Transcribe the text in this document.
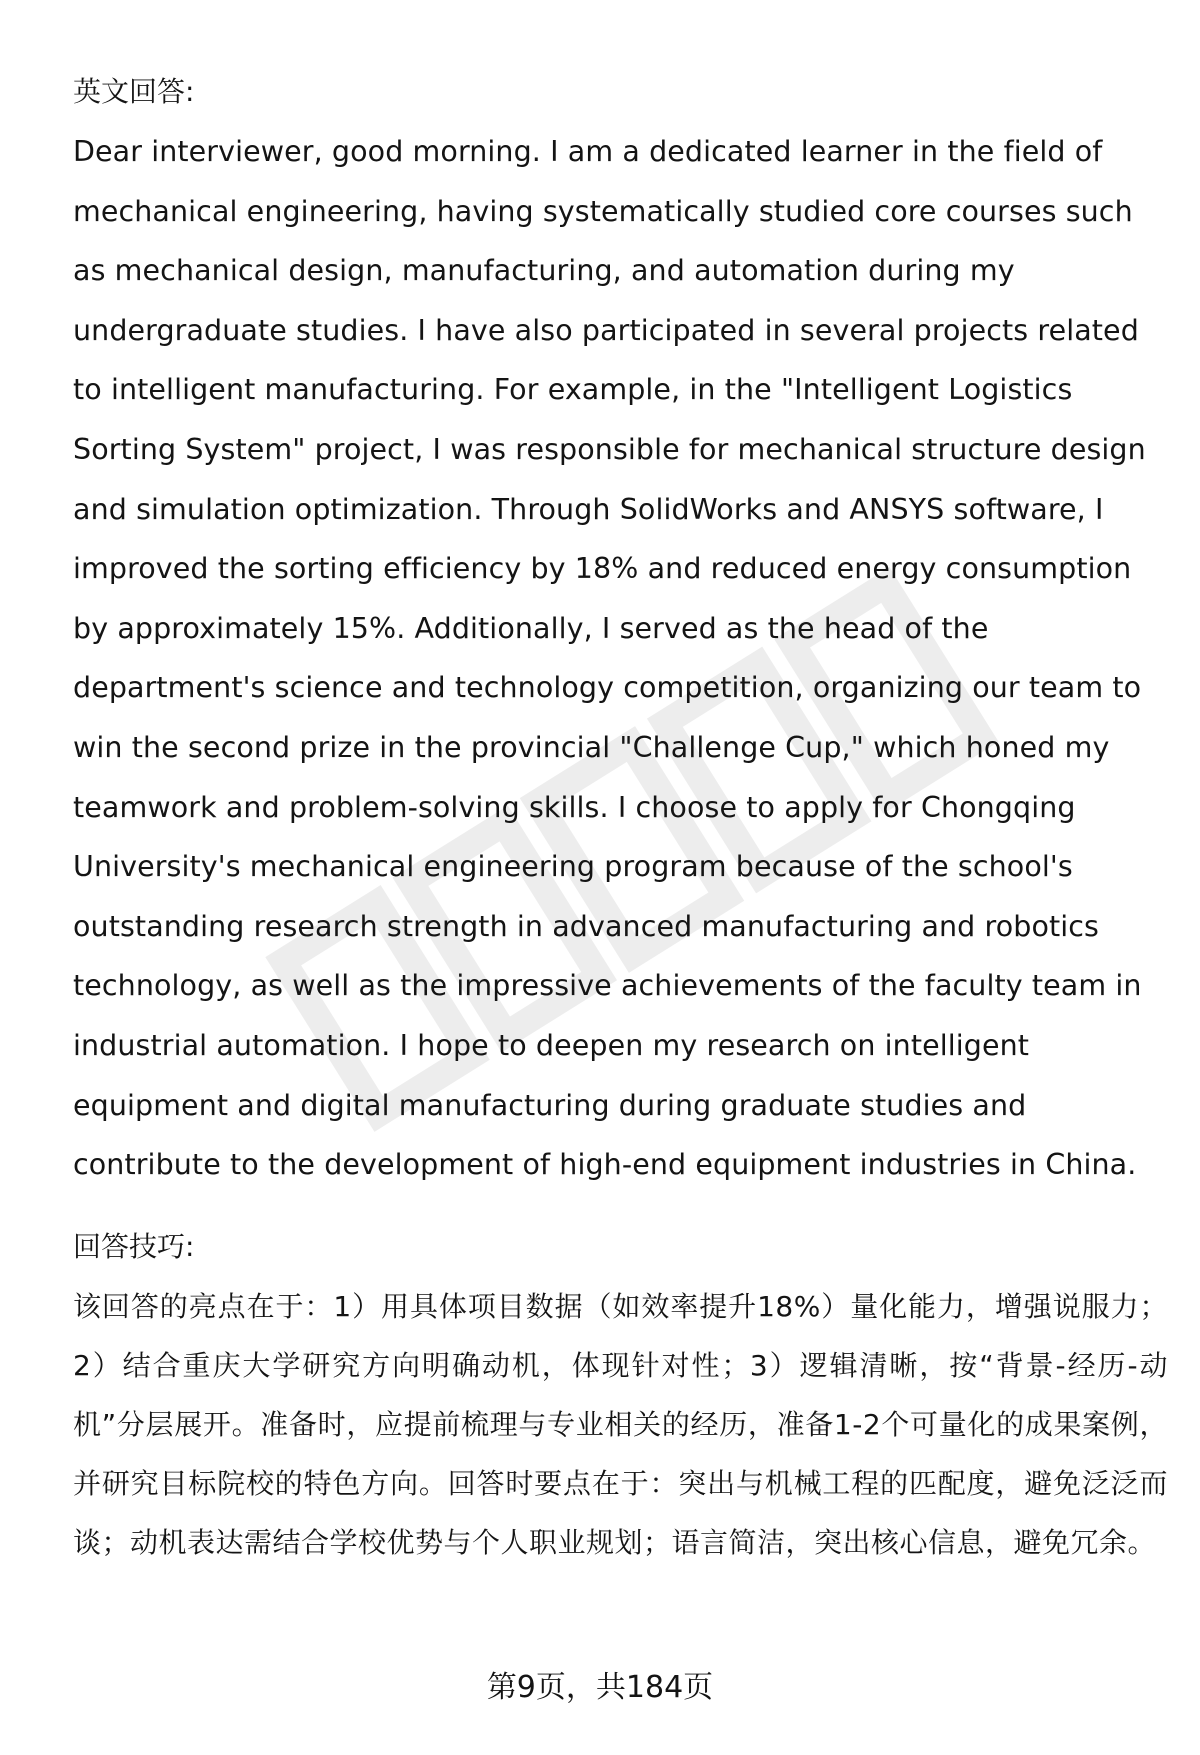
英文回答:

Dear interviewer, good morning. I am a dedicated learner in the field of mechanical engineering, having systematically studied core courses such as mechanical design, manufacturing, and automation during my undergraduate studies. I have also participated in several projects related to intelligent manufacturing. For example, in the "Intelligent Logistics Sorting System" project, I was responsible for mechanical structure design and simulation optimization. Through SolidWorks and ANSYS software, I improved the sorting efficiency by 18% and reduced energy consumption by approximately 15%. Additionally, I served as the head of the department's science and technology competition, organizing our team to win the second prize in the provincial "Challenge Cup," which honed my teamwork and problem-solving skills. I choose to apply for Chongqing University's mechanical engineering program because of the school's outstanding research strength in advanced manufacturing and robotics technology, as well as the impressive achievements of the faculty team in industrial automation. I hope to deepen my research on intelligent equipment and digital manufacturing during graduate studies and contribute to the development of high-end equipment industries in China.

回答技巧:

该回答的亮点在于：1）用具体项目数据（如效率提升18%）量化能力，增强说服力；2）结合重庆大学研究方向明确动机，体现针对性；3）逻辑清晰，按“背景-经历-动机”分层展开。准备时，应提前梳理与专业相关的经历，准备1-2个可量化的成果案例，并研究目标院校的特色方向。回答时要点在于：突出与机械工程的匹配度，避免泛泛而谈；动机表达需结合学校优势与个人职业规划；语言简洁，突出核心信息，避免冗余。

第9页，共184页
